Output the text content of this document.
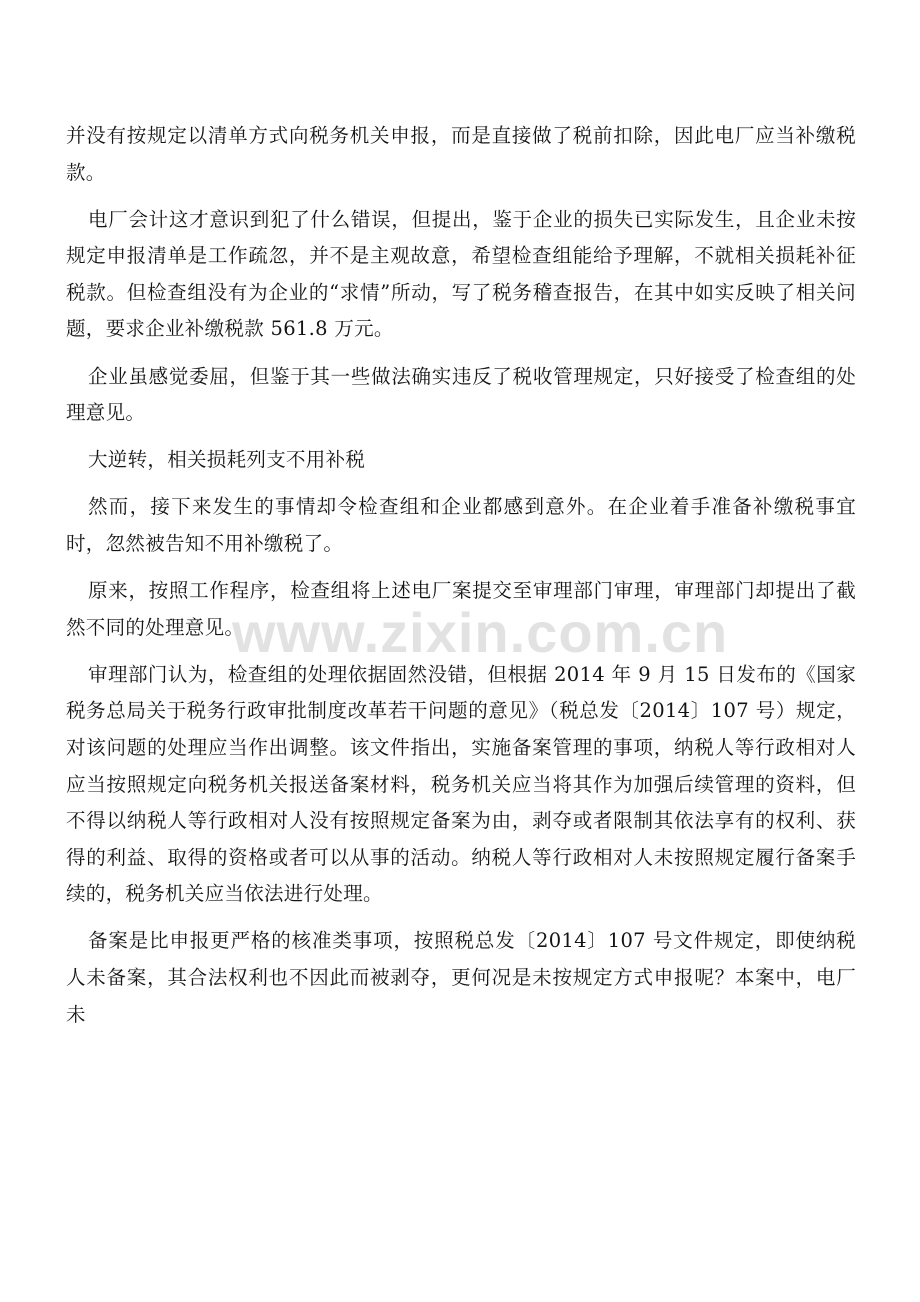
并没有按规定以清单方式向税务机关申报，而是直接做了税前扣除，因此电厂应当补缴税款。

电厂会计这才意识到犯了什么错误，但提出，鉴于企业的损失已实际发生，且企业未按规定申报清单是工作疏忽，并不是主观故意，希望检查组能给予理解，不就相关损耗补征税款。但检查组没有为企业的“求情”所动，写了税务稽查报告，在其中如实反映了相关问题，要求企业补缴税款 561.8 万元。

企业虽感觉委屈，但鉴于其一些做法确实违反了税收管理规定，只好接受了检查组的处理意见。

大逆转，相关损耗列支不用补税

然而，接下来发生的事情却令检查组和企业都感到意外。在企业着手准备补缴税事宜时，忽然被告知不用补缴税了。

原来，按照工作程序，检查组将上述电厂案提交至审理部门审理，审理部门却提出了截然不同的处理意见。

审理部门认为，检查组的处理依据固然没错，但根据 2014 年 9 月 15 日发布的《国家税务总局关于税务行政审批制度改革若干问题的意见》（税总发〔2014〕107 号）规定，对该问题的处理应当作出调整。该文件指出，实施备案管理的事项，纳税人等行政相对人应当按照规定向税务机关报送备案材料，税务机关应当将其作为加强后续管理的资料，但不得以纳税人等行政相对人没有按照规定备案为由，剥夺或者限制其依法享有的权利、获得的利益、取得的资格或者可以从事的活动。纳税人等行政相对人未按照规定履行备案手续的，税务机关应当依法进行处理。

备案是比申报更严格的核准类事项，按照税总发〔2014〕107 号文件规定，即使纳税人未备案，其合法权利也不因此而被剥夺，更何况是未按规定方式申报呢？本案中，电厂未

www.zixin.com.cn
